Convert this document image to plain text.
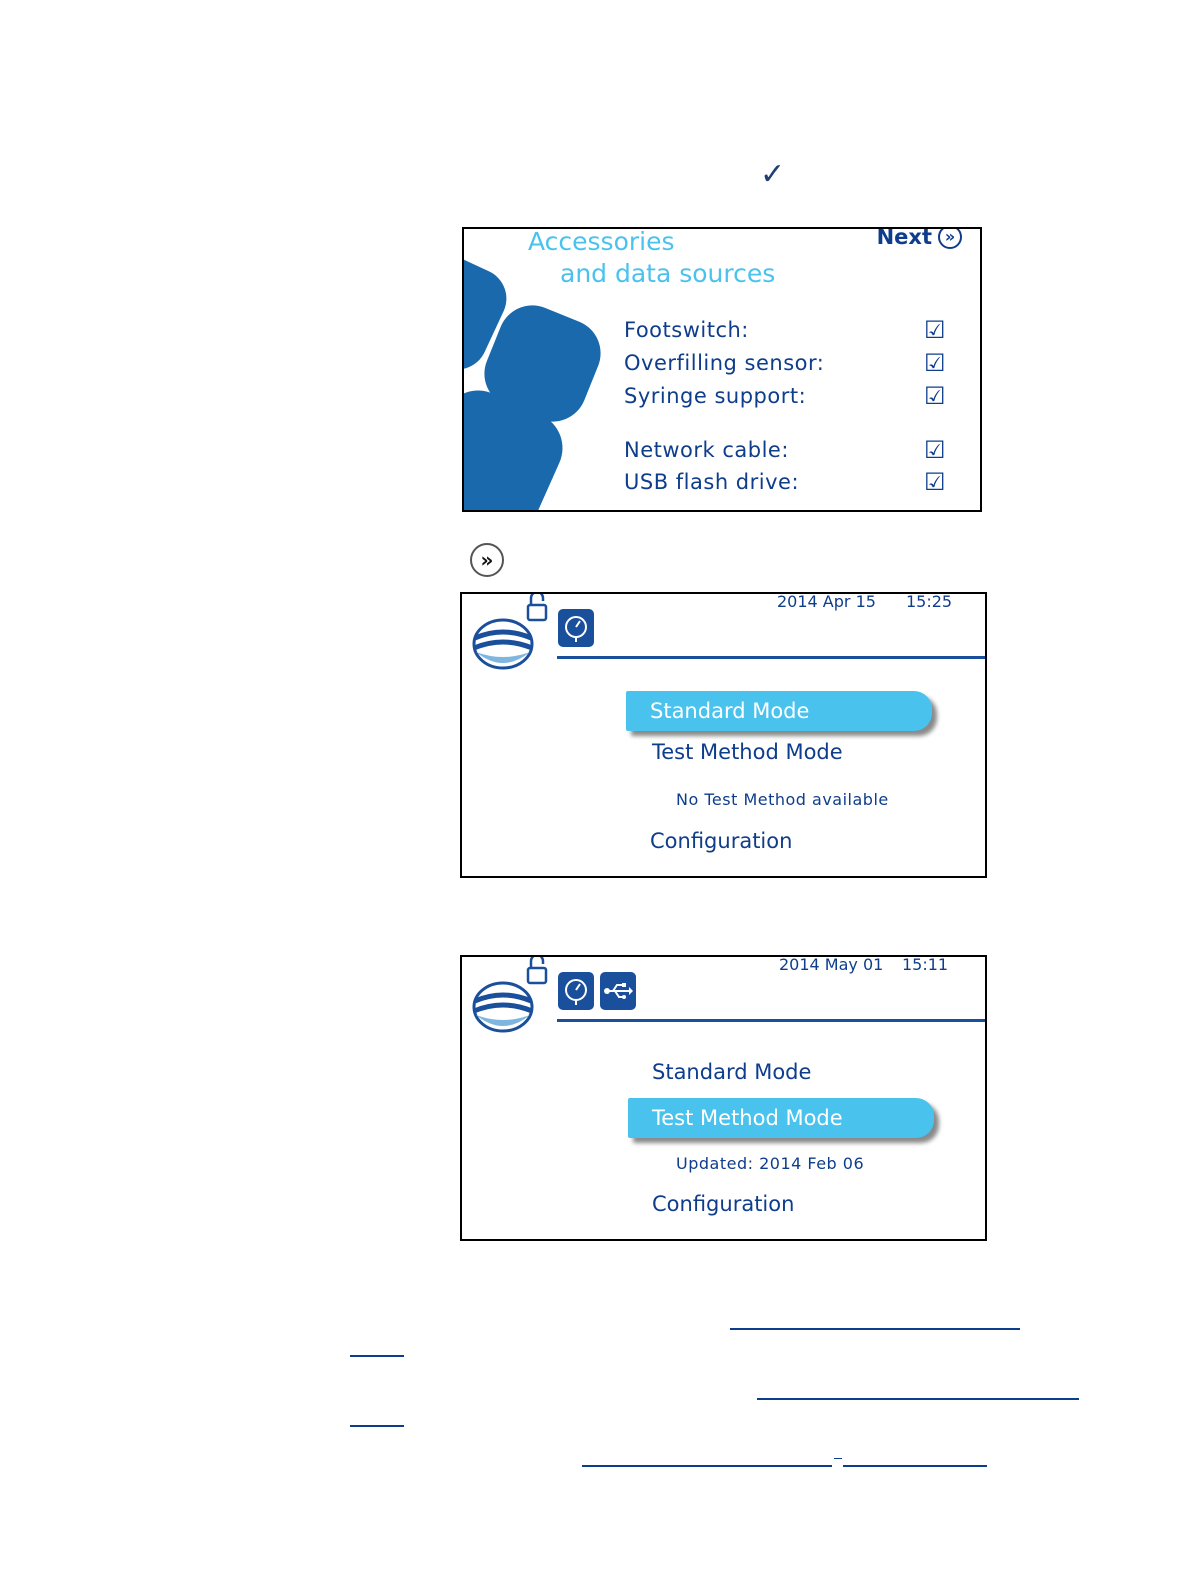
✓
Accessories
and data sources
Next »
Footswitch:	☑
Overfilling sensor:	☑
Syringe support:	☑
Network cable:	☑
USB flash drive:	☑
»
2014 Apr 15 15:25
Standard Mode
Test Method Mode
No Test Method available
Configuration
2014 May 01 15:11
Standard Mode
Test Method Mode
Updated: 2014 Feb 06
Configuration
